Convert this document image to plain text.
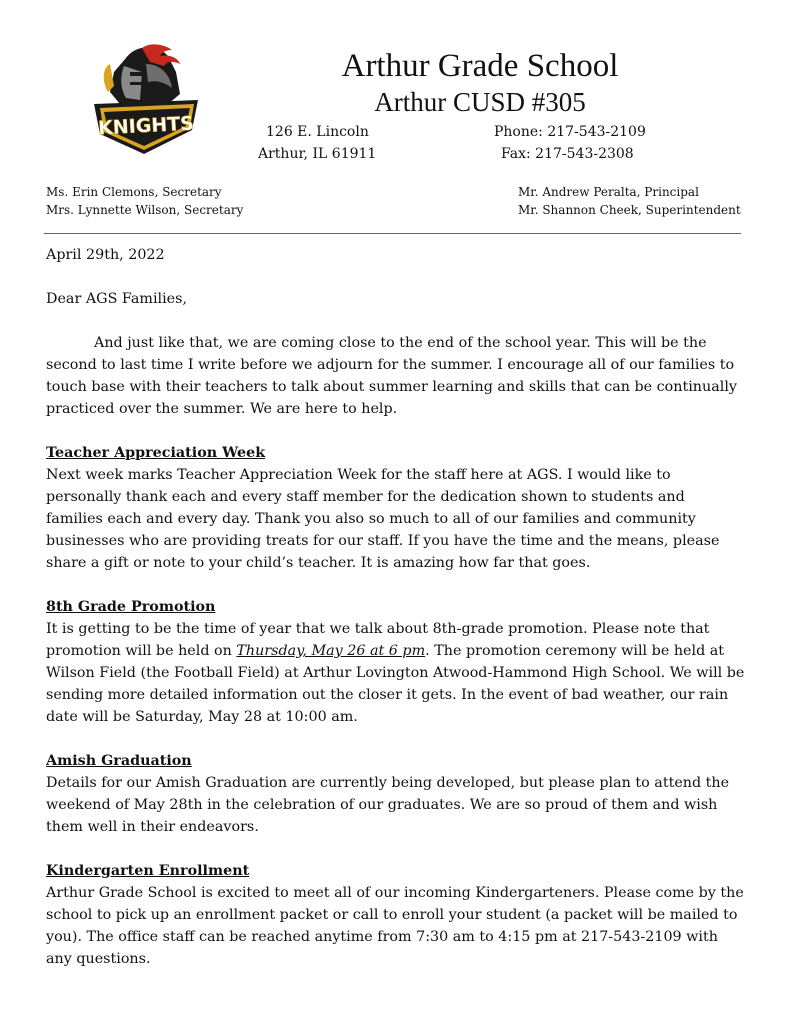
KNIGHTS
Arthur Grade School
Arthur CUSD #305
126 E. Lincoln
Arthur, IL 61911
Phone: 217-543-2109
Fax: 217-543-2308
Ms. Erin Clemons, Secretary
Mrs. Lynnette Wilson, Secretary
Mr. Andrew Peralta, Principal
Mr. Shannon Cheek, Superintendent

April 29th, 2022

Dear AGS Families,

And just like that, we are coming close to the end of the school year. This will be the second to last time I write before we adjourn for the summer. I encourage all of our families to touch base with their teachers to talk about summer learning and skills that can be continually practiced over the summer. We are here to help.

Teacher Appreciation Week

Next week marks Teacher Appreciation Week for the staff here at AGS. I would like to personally thank each and every staff member for the dedication shown to students and families each and every day. Thank you also so much to all of our families and community businesses who are providing treats for our staff. If you have the time and the means, please share a gift or note to your child’s teacher. It is amazing how far that goes.

8th Grade Promotion

It is getting to be the time of year that we talk about 8th-grade promotion. Please note that promotion will be held on Thursday, May 26 at 6 pm. The promotion ceremony will be held at Wilson Field (the Football Field) at Arthur Lovington Atwood-Hammond High School. We will be sending more detailed information out the closer it gets. In the event of bad weather, our rain date will be Saturday, May 28 at 10:00 am.

Amish Graduation

Details for our Amish Graduation are currently being developed, but please plan to attend the weekend of May 28th in the celebration of our graduates. We are so proud of them and wish them well in their endeavors.

Kindergarten Enrollment

Arthur Grade School is excited to meet all of our incoming Kindergarteners. Please come by the school to pick up an enrollment packet or call to enroll your student (a packet will be mailed to you). The office staff can be reached anytime from 7:30 am to 4:15 pm at 217-543-2109 with any questions.
